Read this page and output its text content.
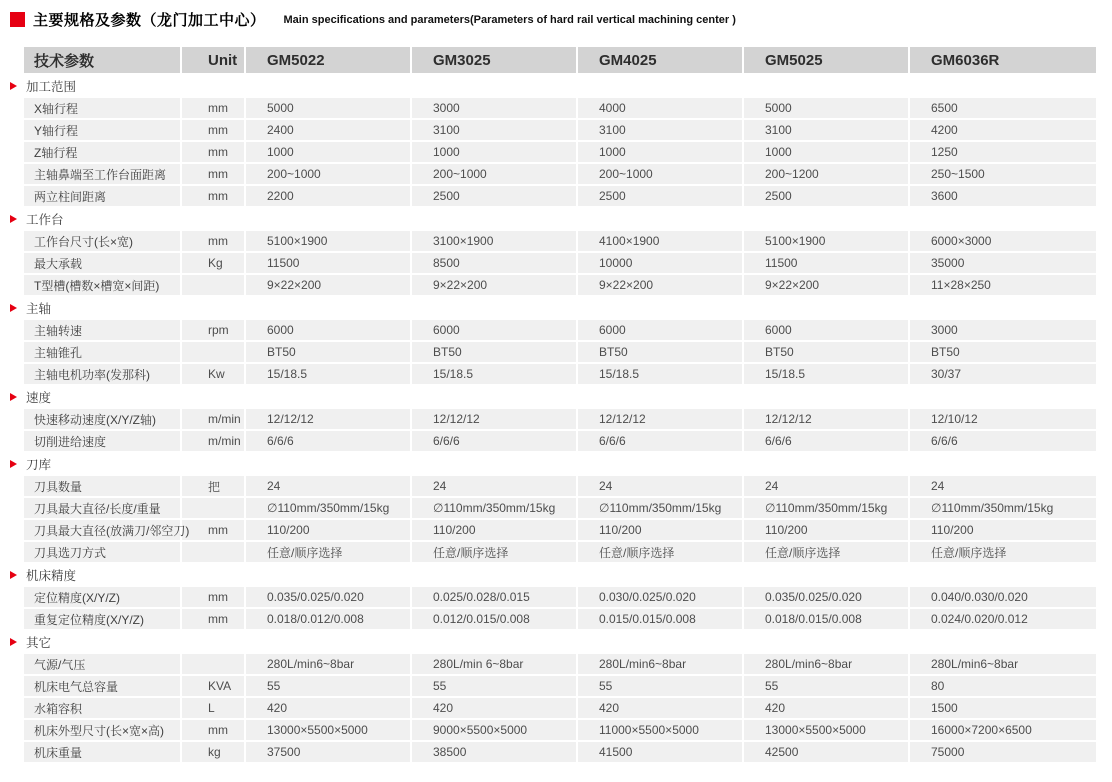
主要规格及参数（龙门加工中心） Main specifications and parameters(Parameters of hard rail vertical machining center )
技术参数	Unit	GM5022	GM3025	GM4025	GM5025	GM6036R

加工范围						
X轴行程	mm	5000	3000	4000	5000	6500
Y轴行程	mm	2400	3100	3100	3100	4200
Z轴行程	mm	1000	1000	1000	1000	1250
主轴鼻端至工作台面距离	mm	200~1000	200~1000	200~1000	200~1200	250~1500
两立柱间距离	mm	2200	2500	2500	2500	3600

工作台						
工作台尺寸(长×宽)	mm	5100×1900	3100×1900	4100×1900	5100×1900	6000×3000
最大承载	Kg	11500	8500	10000	11500	35000
T型槽(槽数×槽宽×间距)		9×22×200	9×22×200	9×22×200	9×22×200	11×28×250

主轴						
主轴转速	rpm	6000	6000	6000	6000	3000
主轴锥孔		BT50	BT50	BT50	BT50	BT50
主轴电机功率(发那科)	Kw	15/18.5	15/18.5	15/18.5	15/18.5	30/37

速度						
快速移动速度(X/Y/Z轴)	m/min	12/12/12	12/12/12	12/12/12	12/12/12	12/10/12
切削进给速度	m/min	6/6/6	6/6/6	6/6/6	6/6/6	6/6/6

刀库						
刀具数量	把	24	24	24	24	24
刀具最大直径/长度/重量		∅110mm/350mm/15kg	∅110mm/350mm/15kg	∅110mm/350mm/15kg	∅110mm/350mm/15kg	∅110mm/350mm/15kg
刀具最大直径(放满刀/邻空刀)	mm	110/200	110/200	110/200	110/200	110/200
刀具选刀方式		任意/顺序选择	任意/顺序选择	任意/顺序选择	任意/顺序选择	任意/顺序选择

机床精度						
定位精度(X/Y/Z)	mm	0.035/0.025/0.020	0.025/0.028/0.015	0.030/0.025/0.020	0.035/0.025/0.020	0.040/0.030/0.020
重复定位精度(X/Y/Z)	mm	0.018/0.012/0.008	0.012/0.015/0.008	0.015/0.015/0.008	0.018/0.015/0.008	0.024/0.020/0.012

其它						
气源/气压		280L/min6~8bar	280L/min 6~8bar	280L/min6~8bar	280L/min6~8bar	280L/min6~8bar
机床电气总容量	KVA	55	55	55	55	80
水箱容积	L	420	420	420	420	1500
机床外型尺寸(长×宽×高)	mm	13000×5500×5000	9000×5500×5000	11000×5500×5000	13000×5500×5000	16000×7200×6500
机床重量	kg	37500	38500	41500	42500	75000
